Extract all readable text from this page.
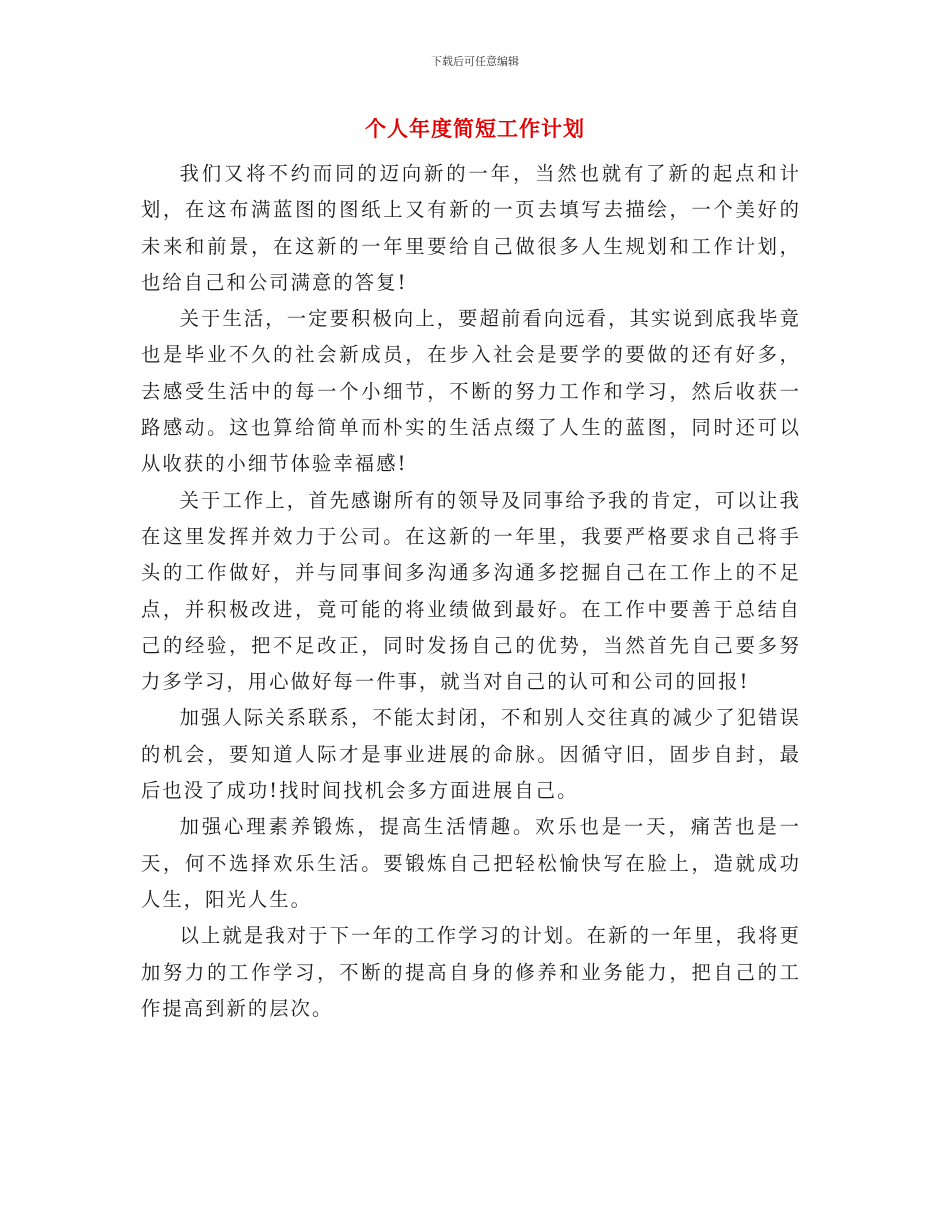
下载后可任意编辑
个人年度简短工作计划

我们又将不约而同的迈向新的一年，当然也就有了新的起点和计划，在这布满蓝图的图纸上又有新的一页去填写去描绘，一个美好的未来和前景，在这新的一年里要给自己做很多人生规划和工作计划，也给自己和公司满意的答复!

关于生活，一定要积极向上，要超前看向远看，其实说到底我毕竟也是毕业不久的社会新成员，在步入社会是要学的要做的还有好多，去感受生活中的每一个小细节，不断的努力工作和学习，然后收获一路感动。这也算给简单而朴实的生活点缀了人生的蓝图，同时还可以从收获的小细节体验幸福感!

关于工作上，首先感谢所有的领导及同事给予我的肯定，可以让我在这里发挥并效力于公司。在这新的一年里，我要严格要求自己将手头的工作做好，并与同事间多沟通多沟通多挖掘自己在工作上的不足点，并积极改进，竟可能的将业绩做到最好。在工作中要善于总结自己的经验，把不足改正，同时发扬自己的优势，当然首先自己要多努力多学习，用心做好每一件事，就当对自己的认可和公司的回报!

加强人际关系联系，不能太封闭，不和别人交往真的减少了犯错误的机会，要知道人际才是事业进展的命脉。因循守旧，固步自封，最后也没了成功!找时间找机会多方面进展自己。

加强心理素养锻炼，提高生活情趣。欢乐也是一天，痛苦也是一天，何不选择欢乐生活。要锻炼自己把轻松愉快写在脸上，造就成功人生，阳光人生。

以上就是我对于下一年的工作学习的计划。在新的一年里，我将更加努力的工作学习，不断的提高自身的修养和业务能力，把自己的工作提高到新的层次。
